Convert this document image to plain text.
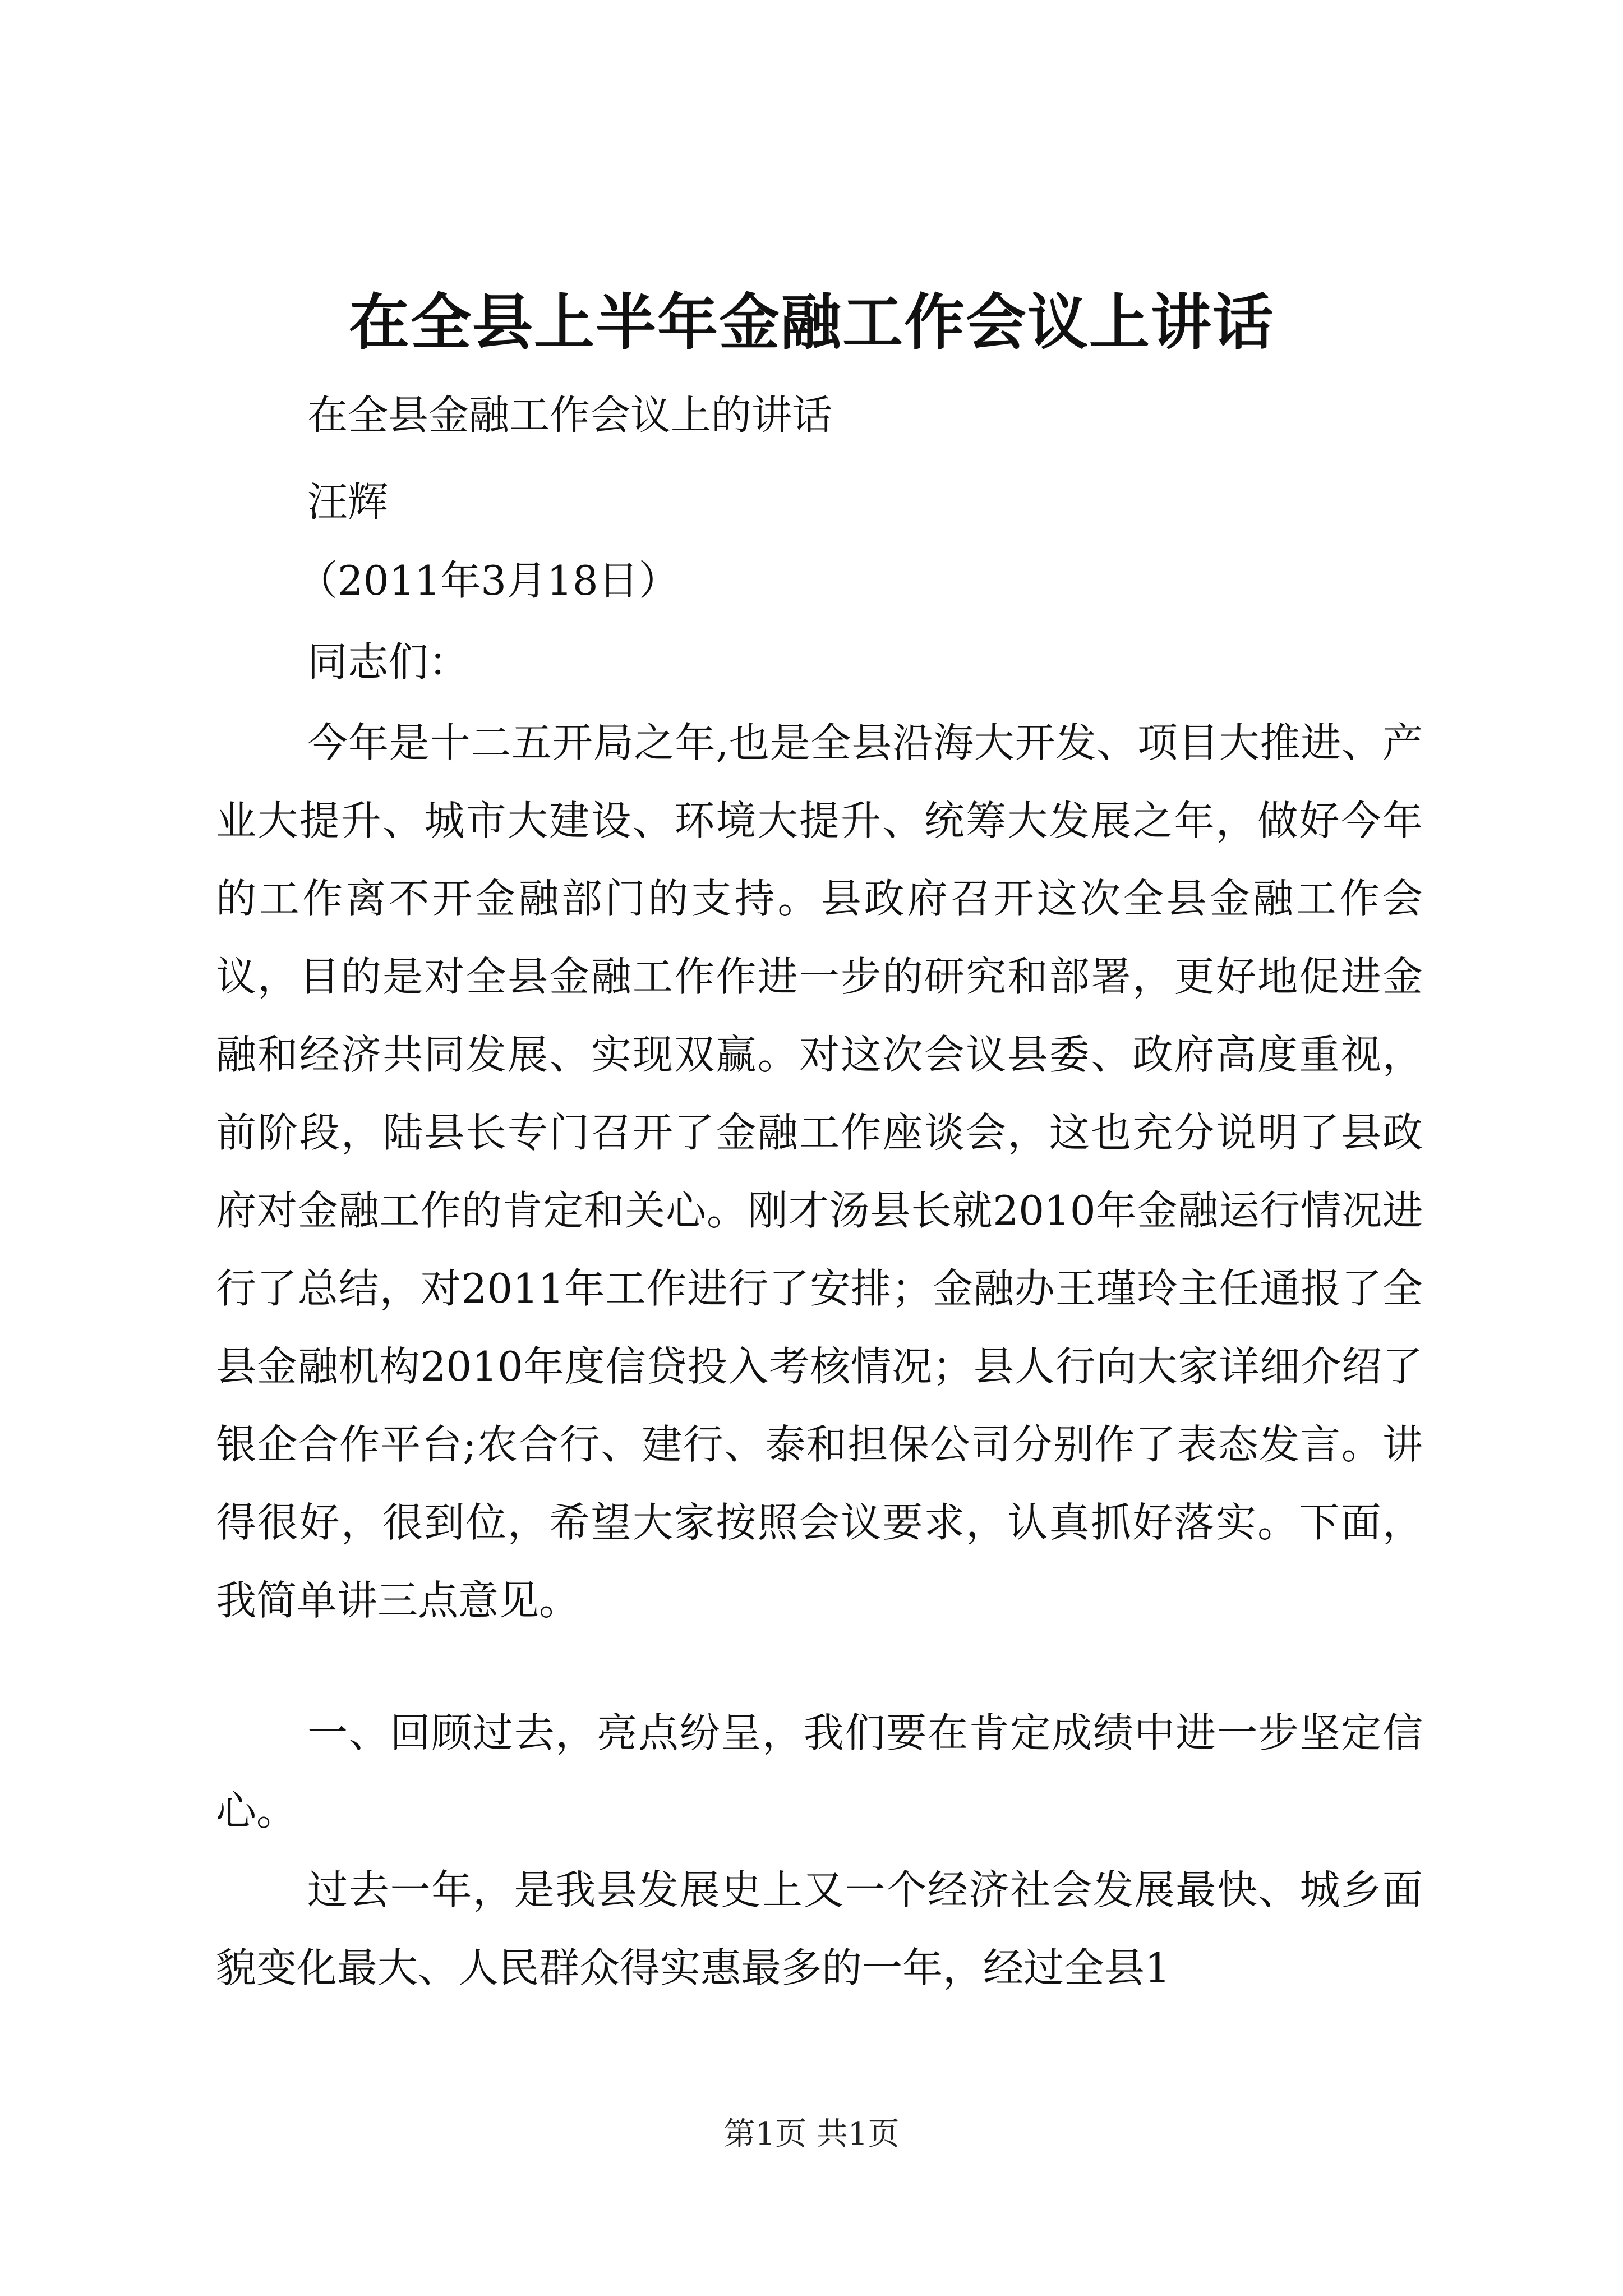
在全县上半年金融工作会议上讲话
在全县金融工作会议上的讲话
汪辉
（2011年3月18日）
同志们：

今年是十二五开局之年,也是全县沿海大开发、项目大推进、产业大提升、城市大建设、环境大提升、统筹大发展之年，做好今年的工作离不开金融部门的支持。县政府召开这次全县金融工作会议，目的是对全县金融工作作进一步的研究和部署，更好地促进金融和经济共同发展、实现双赢。对这次会议县委、政府高度重视，前阶段，陆县长专门召开了金融工作座谈会，这也充分说明了县政府对金融工作的肯定和关心。刚才汤县长就2010年金融运行情况进行了总结，对2011年工作进行了安排；金融办王瑾玲主任通报了全县金融机构2010年度信贷投入考核情况；县人行向大家详细介绍了银企合作平台;农合行、建行、泰和担保公司分别作了表态发言。讲得很好，很到位，希望大家按照会议要求，认真抓好落实。下面，我简单讲三点意见。

一、回顾过去，亮点纷呈，我们要在肯定成绩中进一步坚定信心。

过去一年，是我县发展史上又一个经济社会发展最快、城乡面貌变化最大、人民群众得实惠最多的一年，经过全县1

第1页 共1页
